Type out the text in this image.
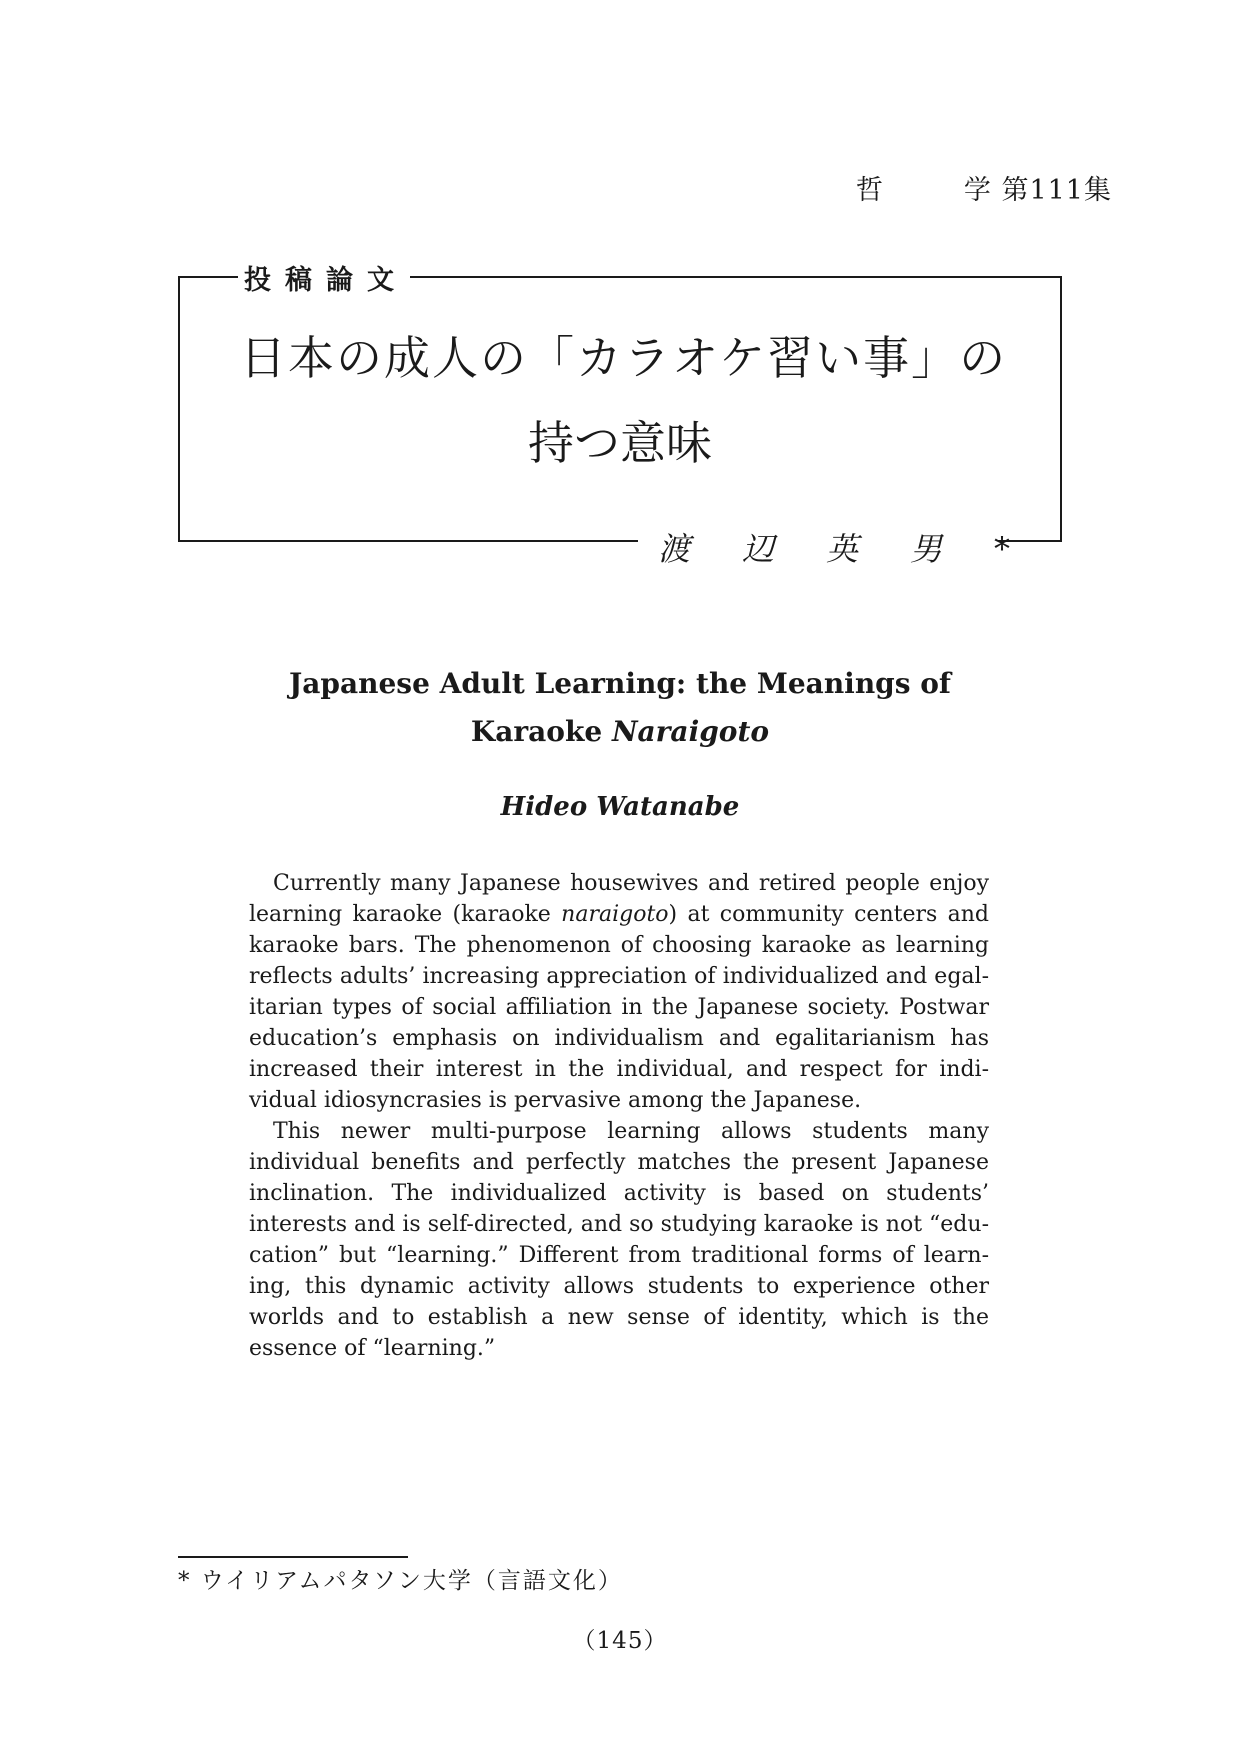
哲	学 第111集
投稿論文
日本の成人の「カラオケ習い事」の
持つ意味
渡辺英男*
Japanese Adult Learning: the Meanings of
Karaoke Naraigoto
Hideo Watanabe

Currently many Japanese housewives and retired people enjoy learning karaoke (karaoke naraigoto) at community centers and karaoke bars. The phenomenon of choosing karaoke as learning reflects adults’ increasing appreciation of individualized and egalitarian types of social affiliation in the Japanese society. Postwar education’s emphasis on individualism and egalitarianism has increased their interest in the individual, and respect for individual idiosyncrasies is pervasive among the Japanese.

This newer multi-purpose learning allows students many individual benefits and perfectly matches the present Japanese inclination. The individualized activity is based on students’ interests and is self-directed, and so studying karaoke is not “education” but “learning.” Different from traditional forms of learning, this dynamic activity allows students to experience other worlds and to establish a new sense of identity, which is the essence of “learning.”

* ウイリアムパタソン大学（言語文化）
（145）
